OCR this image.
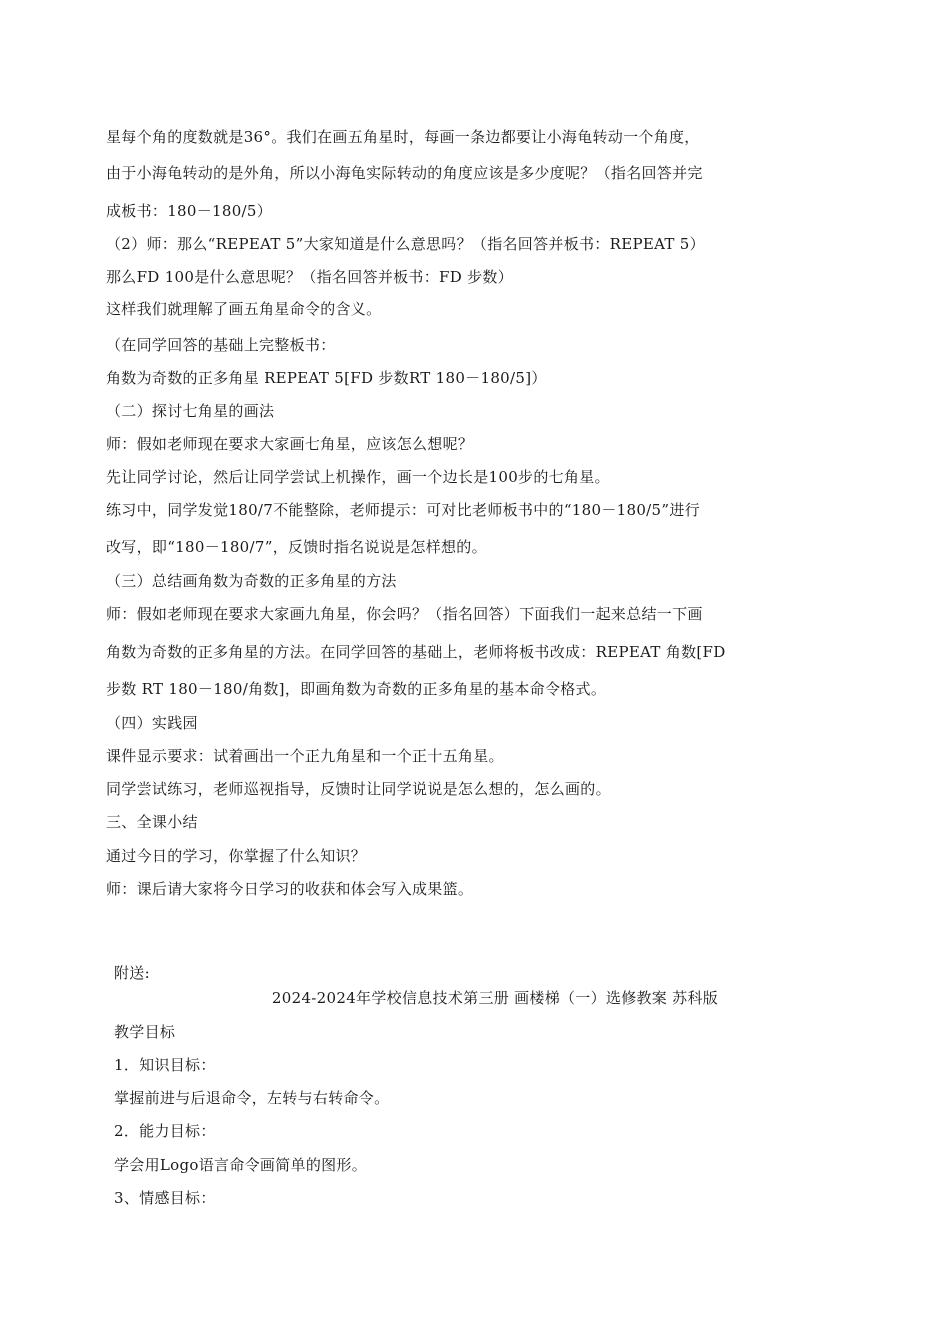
星每个角的度数就是36°。我们在画五角星时，每画一条边都要让小海龟转动一个角度，
由于小海龟转动的是外角，所以小海龟实际转动的角度应该是多少度呢？（指名回答并完
成板书：180－180/5）
（2）师：那么“REPEAT 5”大家知道是什么意思吗？（指名回答并板书：REPEAT 5）
那么FD 100是什么意思呢？（指名回答并板书：FD 步数）
这样我们就理解了画五角星命令的含义。
（在同学回答的基础上完整板书：
角数为奇数的正多角星 REPEAT 5[FD 步数RT 180－180/5]）
（二）探讨七角星的画法
师：假如老师现在要求大家画七角星，应该怎么想呢？
先让同学讨论，然后让同学尝试上机操作，画一个边长是100步的七角星。
练习中，同学发觉180/7不能整除，老师提示：可对比老师板书中的“180－180/5”进行
改写，即“180－180/7”，反馈时指名说说是怎样想的。
（三）总结画角数为奇数的正多角星的方法
师：假如老师现在要求大家画九角星，你会吗？（指名回答）下面我们一起来总结一下画
角数为奇数的正多角星的方法。在同学回答的基础上，老师将板书改成：REPEAT 角数[FD
步数 RT 180－180/角数]，即画角数为奇数的正多角星的基本命令格式。
（四）实践园
课件显示要求：试着画出一个正九角星和一个正十五角星。
同学尝试练习，老师巡视指导，反馈时让同学说说是怎么想的，怎么画的。
三、全课小结
通过今日的学习，你掌握了什么知识？
师：课后请大家将今日学习的收获和体会写入成果篮。
附送:
2024-2024年学校信息技术第三册 画楼梯（一）选修教案 苏科版
教学目标
1．知识目标：
掌握前进与后退命令，左转与右转命令。
2．能力目标：
学会用Logo语言命令画简单的图形。
3、情感目标：
